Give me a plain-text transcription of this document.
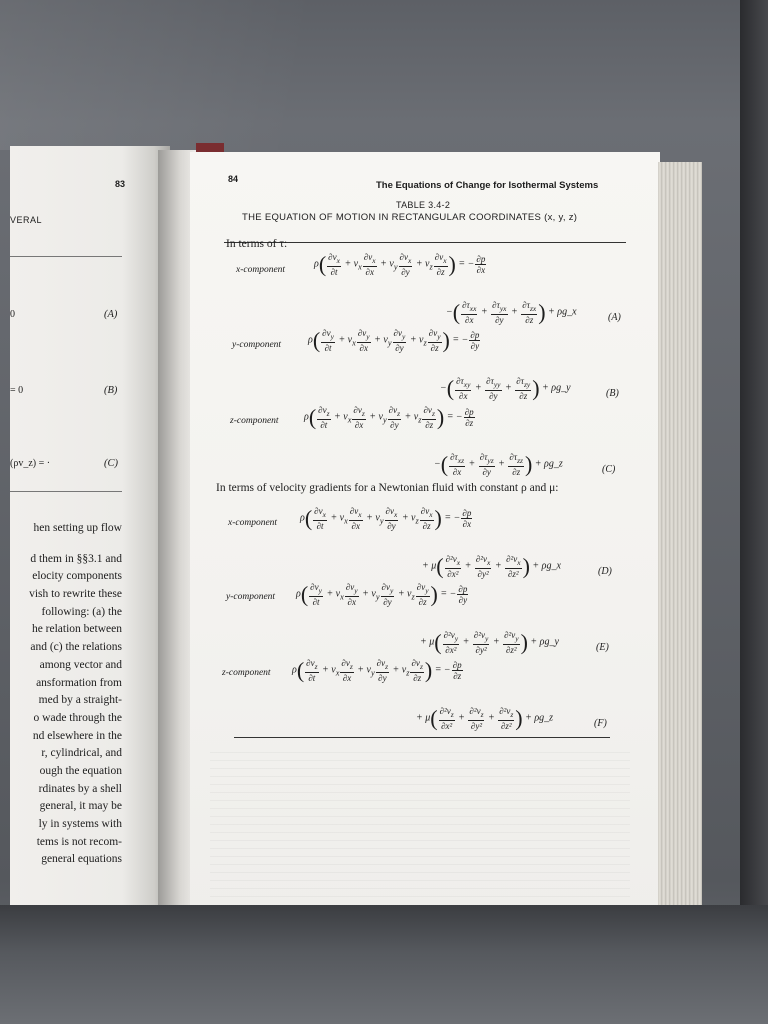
83
VERAL
0	(A)
= 0	(B)
(ρv_z) = ·	(C)
hen setting up flow
d them in §§3.1 and
elocity components
vish to rewrite these
following: (a) the
he relation between
and (c) the relations
among vector and
ansformation from
med by a straight-
o wade through the
nd elsewhere in the
r, cylindrical, and
ough the equation
rdinates by a shell
general, it may be
ly in systems with
tems is not recom-
general equations
84
The Equations of Change for Isothermal Systems
TABLE 3.4-2
THE EQUATION OF MOTION IN RECTANGULAR COORDINATES (x, y, z)
In terms of τ:
x-component
$\rho( \frac{\partial v_x}{\partial t} + v_x \frac{\partial v_x}{\partial x} + v_y \frac{\partial v_x}{\partial y} + v_z \frac{\partial v_x}{\partial z}$ ) = − $\frac{\partial p}{\partial x}$
−( $\frac{\partial\tau_{xx}}{\partial x} + \frac{\partial\tau_{yx}}{\partial y} + \frac{\partial\tau_{zx}}{\partial z}$ ) + ρg_x	(A)
y-component	$\rho( \frac{\partial v_y}{\partial t} + v_x \frac{\partial v_y}{\partial x} + v_y \frac{\partial v_y}{\partial y} + v_z \frac{\partial v_y}{\partial z}$ ) = − $\frac{\partial p}{\partial y}$
−( $\frac{\partial\tau_{xy}}{\partial x} + \frac{\partial\tau_{yy}}{\partial y} + \frac{\partial\tau_{zy}}{\partial z}$ ) + ρg_y	(B)
z-component	$\rho( \frac{\partial v_z}{\partial t} + v_x \frac{\partial v_z}{\partial x} + v_y \frac{\partial v_z}{\partial y} + v_z \frac{\partial v_z}{\partial z}$ ) = − $\frac{\partial p}{\partial z}$
−( $\frac{\partial\tau_{xz}}{\partial x} + \frac{\partial\tau_{yz}}{\partial y} + \frac{\partial\tau_{zz}}{\partial z}$ ) + ρg_z	(C)
In terms of velocity gradients for a Newtonian fluid with constant ρ and μ:
x-component $\rho( \frac{\partial v_x}{\partial t} + v_x \frac{\partial v_x}{\partial x} + v_y \frac{\partial v_x}{\partial y} + v_z \frac{\partial v_x}{\partial z}$ ) = − $\frac{\partial p}{\partial x}$
+ $\mu( \frac{\partial^2v_x}{\text{∂x²}} + \frac{\partial^2v_x}{\text{∂y²}} + \frac{\partial^2v_x}{\text{∂z²}}$ ) + ρg_x	(D)
y-component $\rho( \frac{\partial v_y}{\partial t} + v_x \frac{\partial v_y}{\partial x} + v_y \frac{\partial v_y}{\partial y} + v_z \frac{\partial v_y}{\partial z}$ ) = − $\frac{\partial p}{\partial y}$
+ $\mu( \frac{\partial^2v_y}{\text{∂x²}} + \frac{\partial^2v_y}{\text{∂y²}} + \frac{\partial^2v_y}{\text{∂z²}}$ ) + ρg_y	(E)
z-component $\rho( \frac{\partial v_z}{\partial t} + v_x \frac{\partial v_z}{\partial x} + v_y \frac{\partial v_z}{\partial y} + v_z \frac{\partial v_z}{\partial z}$ ) = − $\frac{\partial p}{\partial z}$
+ $\mu( \frac{\partial^2v_z}{\text{∂x²}} + \frac{\partial^2v_z}{\text{∂y²}} + \frac{\partial^2v_z}{\text{∂z²}}$ ) + ρg_z	(F)
